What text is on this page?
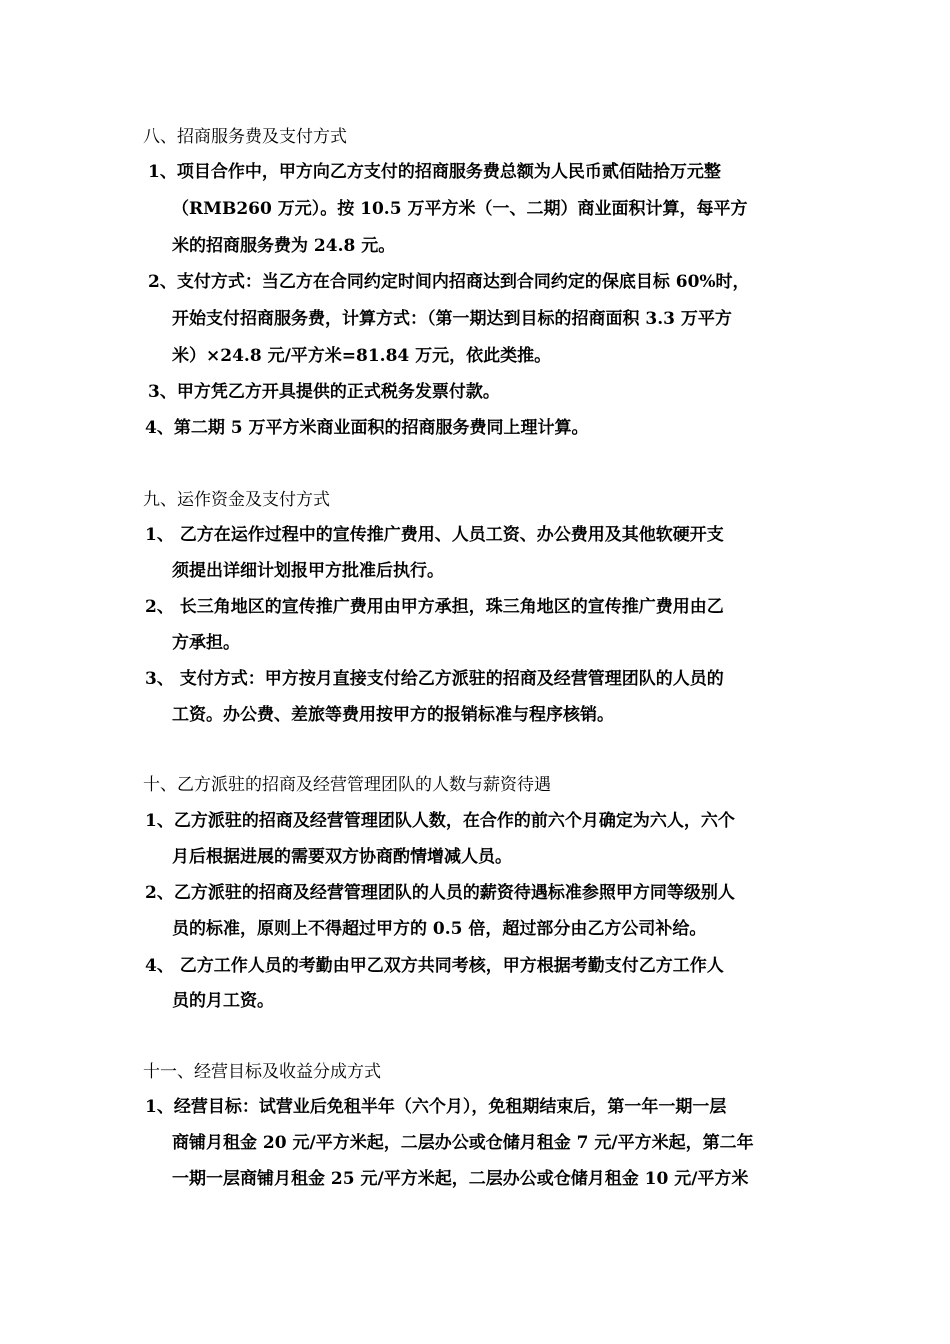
八、招商服务费及支付方式
1、项目合作中，甲方向乙方支付的招商服务费总额为人民币贰佰陆拾万元整
（RMB260 万元）。按 10.5 万平方米（一、二期）商业面积计算，每平方
米的招商服务费为 24.8 元。
2、支付方式：当乙方在合同约定时间内招商达到合同约定的保底目标 60%时，
开始支付招商服务费，计算方式：（第一期达到目标的招商面积 3.3 万平方
米）×24.8 元/平方米=81.84 万元，依此类推。
3、甲方凭乙方开具提供的正式税务发票付款。
4、第二期 5 万平方米商业面积的招商服务费同上理计算。
九、运作资金及支付方式
1、 乙方在运作过程中的宣传推广费用、人员工资、办公费用及其他软硬开支
须提出详细计划报甲方批准后执行。
2、 长三角地区的宣传推广费用由甲方承担，珠三角地区的宣传推广费用由乙
方承担。
3、 支付方式：甲方按月直接支付给乙方派驻的招商及经营管理团队的人员的
工资。办公费、差旅等费用按甲方的报销标准与程序核销。
十、乙方派驻的招商及经营管理团队的人数与薪资待遇
1、乙方派驻的招商及经营管理团队人数，在合作的前六个月确定为六人，六个
月后根据进展的需要双方协商酌情增减人员。
2、乙方派驻的招商及经营管理团队的人员的薪资待遇标准参照甲方同等级别人
员的标准，原则上不得超过甲方的 0.5 倍，超过部分由乙方公司补给。
4、 乙方工作人员的考勤由甲乙双方共同考核，甲方根据考勤支付乙方工作人
员的月工资。
十一、经营目标及收益分成方式
1、经营目标：试营业后免租半年（六个月），免租期结束后，第一年一期一层
商铺月租金 20 元/平方米起，二层办公或仓储月租金 7 元/平方米起，第二年
一期一层商铺月租金 25 元/平方米起，二层办公或仓储月租金 10 元/平方米
